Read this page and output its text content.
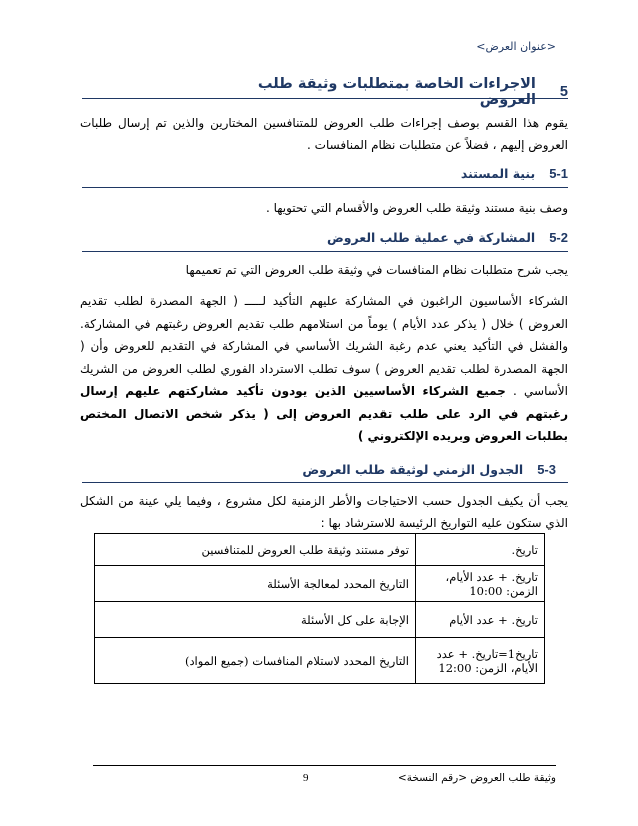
<عنوان العرض>
5
الاجراءات الخاصة بمتطلبات وثيقة طلب العروض
يقوم هذا القسم بوصف إجراءات طلب العروض للمتنافسين المختارين والذين تم إرسال طلبات العروض إليهم ، فضلاً عن متطلبات نظام المنافسات .
5-1
بنية المستند
وصف بنية مستند وثيقة طلب العروض والأقسام التي تحتويها .
5-2
المشاركة في عملية طلب العروض
يجب شرح متطلبات نظام المنافسات في وثيقة طلب العروض التي تم تعميمها
الشركاء الأساسيون الراغبون في المشاركة عليهم التأكيد لـــــ ( الجهة المصدرة لطلب تقديم العروض ) خلال ( يذكر عدد الأيام ) يوماً من استلامهم طلب تقديم العروض رغبتهم في المشاركة. والفشل في التأكيد يعني عدم رغبة الشريك الأساسي في المشاركة في التقديم للعروض وأن ( الجهة المصدرة لطلب تقديم العروض ) سوف تطلب الاسترداد الفوري لطلب العروض من الشريك الأساسي . جميع الشركاء الأساسيين الذين يودون تأكيد مشاركتهم عليهم إرسال رغبتهم في الرد على طلب تقديم العروض إلى ( يذكر شخص الاتصال المختص بطلبات العروض وبريده الإلكتروني )
5-3
الجدول الزمني لوثيقة طلب العروض
يجب أن يكيف الجدول حسب الاحتياجات والأطر الزمنية لكل مشروع ، وفيما يلي عينة من الشكل الذي ستكون عليه التواريخ الرئيسة للاسترشاد بها :
تاريخ.	توفر مستند وثيقة طلب العروض للمتنافسين
تاريخ. + عدد الأيام، الزمن: 10:00	التاريخ المحدد لمعالجة الأسئلة
تاريخ. + عدد الأيام	الإجابة على كل الأسئلة
تاريخ1=تاريخ. + عدد الأيام، الزمن: 12:00	التاريخ المحدد لاستلام المنافسات (جميع المواد)
وثيقة طلب العروض <رقم النسخة>
9
